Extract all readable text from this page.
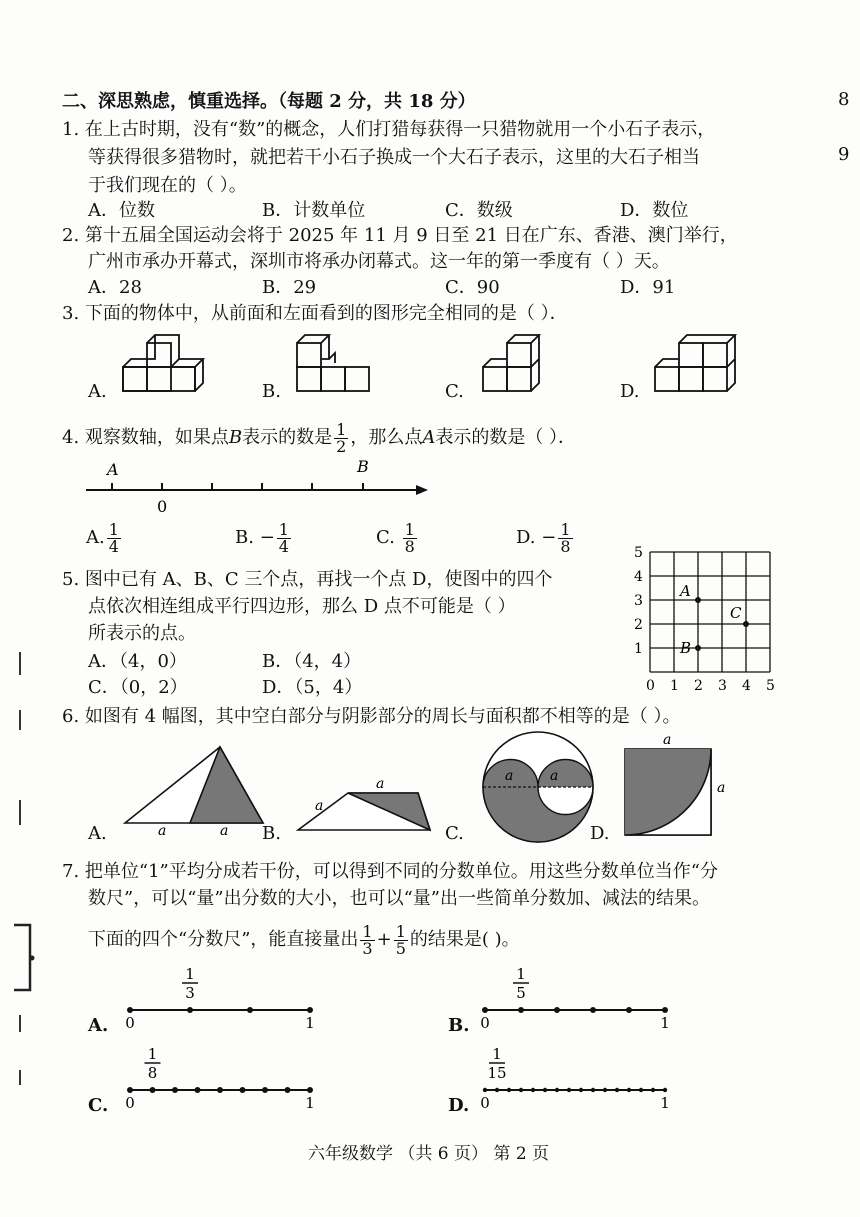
二、深思熟虑，慎重选择。（每题 2 分，共 18 分）	8
9
1. 在上古时期，没有“数”的概念，人们打猎每获得一只猎物就用一个小石子表示，
等获得很多猎物时，就把若干小石子换成一个大石子表示，这里的大石子相当
于我们现在的（ ）。
A．位数	B．计数单位	C．数级	D．数位
2. 第十五届全国运动会将于 2025 年 11 月 9 日至 21 日在广东、香港、澳门举行，
广州市承办开幕式，深圳市将承办闭幕式。这一年的第一季度有（ ）天。
A．28	B．29	C．90	D．91
3. 下面的物体中，从前面和左面看到的图形完全相同的是（ ）．
A.	B.	C.	D.
4. 观察数轴，如果点B表示的数是 $\frac{1}{2}$ ，那么点A表示的数是（ ）．
A	B
0
A. $\frac{1}{4}$	B. − $\frac{1}{4}$	C. $\frac{1}{8}$	D. − $\frac{1}{8}$
5. 图中已有 A、B、C 三个点，再找一个点 D，使图中的四个
点依次相连组成平行四边形，那么 D 点不可能是（ ）
所表示的点。
A．（4，0）	B．（4，4）
C．（0，2）	D．（5，4）
A
B
C
0 1 2 3 4 5
1
2
3
4
5
6. 如图有 4 幅图，其中空白部分与阴影部分的周长与面积都不相等的是（ ）。
a	a
a
a
a	a
a
a
A.	B.	C.	D.
7. 把单位“1”平均分成若干份，可以得到不同的分数单位。用这些分数单位当作“分
数尺”，可以“量”出分数的大小，也可以“量”出一些简单分数加、减法的结果。
下面的四个“分数尺”，能直接量出 $\frac{1}{3} + \frac{1}{5}$ 的结果是( )。
1
3
0	1
1
5
0	1
1
8
0	1
1
15
0	1
A.	B.
C.	D.
六年级数学 （共 6 页） 第 2 页
